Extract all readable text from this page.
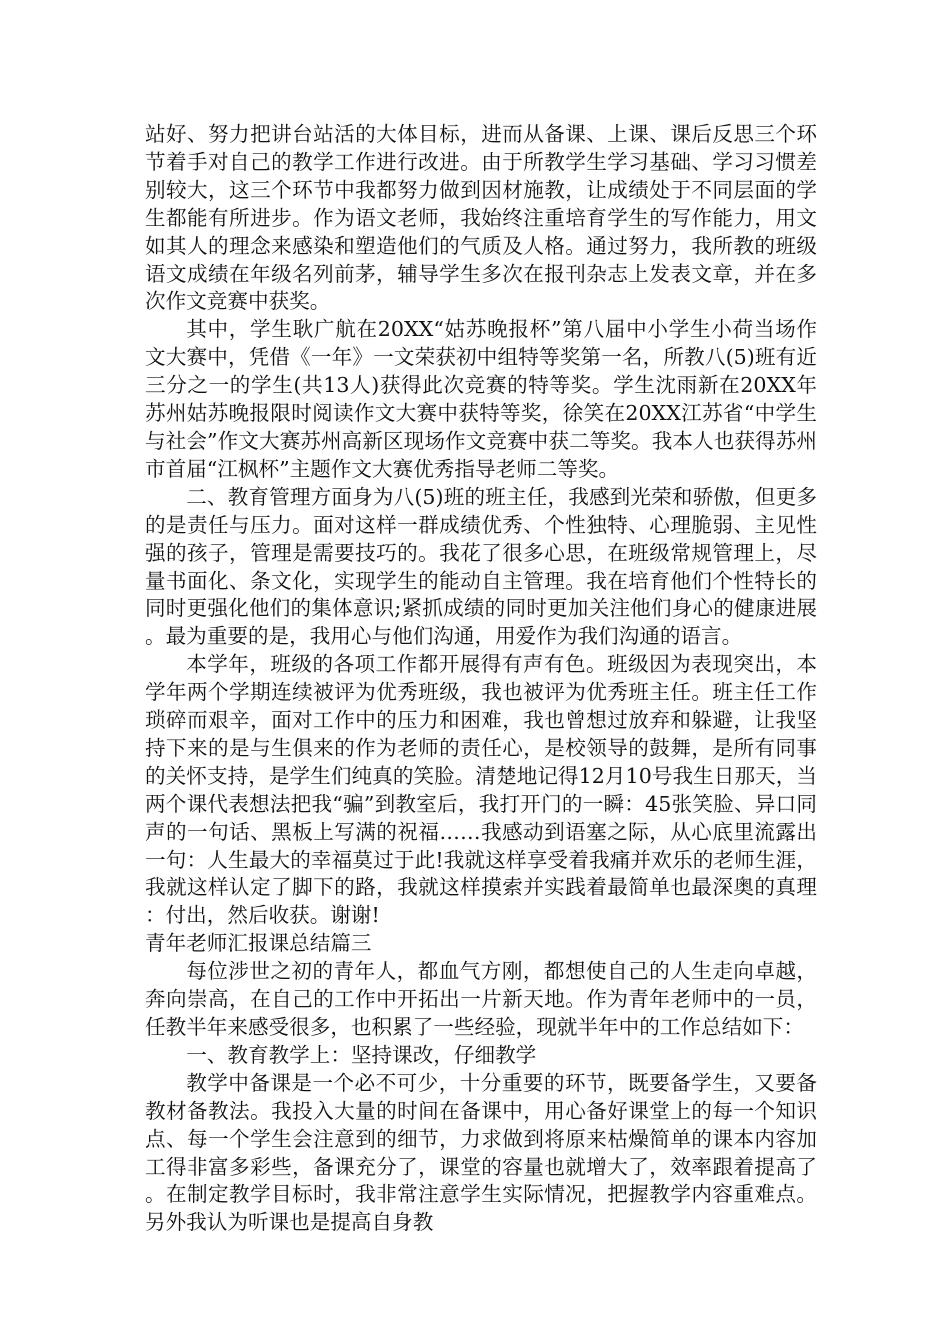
站好、努力把讲台站活的大体目标，进而从备课、上课、课后反思三个环节着手对自己的教学工作进行改进。由于所教学生学习基础、学习习惯差别较大，这三个环节中我都努力做到因材施教，让成绩处于不同层面的学生都能有所进步。作为语文老师，我始终注重培育学生的写作能力，用文如其人的理念来感染和塑造他们的气质及人格。通过努力，我所教的班级语文成绩在年级名列前茅，辅导学生多次在报刊杂志上发表文章，并在多次作文竞赛中获奖。

其中，学生耿广航在20XX“姑苏晚报杯”第八届中小学生小荷当场作文大赛中，凭借《一年》一文荣获初中组特等奖第一名，所教八(5)班有近三分之一的学生(共13人)获得此次竞赛的特等奖。学生沈雨新在20XX年苏州姑苏晚报限时阅读作文大赛中获特等奖，徐笑在20XX江苏省“中学生与社会”作文大赛苏州高新区现场作文竞赛中获二等奖。我本人也获得苏州市首届“江枫杯”主题作文大赛优秀指导老师二等奖。

二、教育管理方面身为八(5)班的班主任，我感到光荣和骄傲，但更多的是责任与压力。面对这样一群成绩优秀、个性独特、心理脆弱、主见性强的孩子，管理是需要技巧的。我花了很多心思，在班级常规管理上，尽量书面化、条文化，实现学生的能动自主管理。我在培育他们个性特长的同时更强化他们的集体意识;紧抓成绩的同时更加关注他们身心的健康进展。最为重要的是，我用心与他们沟通，用爱作为我们沟通的语言。

本学年，班级的各项工作都开展得有声有色。班级因为表现突出，本学年两个学期连续被评为优秀班级，我也被评为优秀班主任。班主任工作琐碎而艰辛，面对工作中的压力和困难，我也曾想过放弃和躲避，让我坚持下来的是与生俱来的作为老师的责任心，是校领导的鼓舞，是所有同事的关怀支持，是学生们纯真的笑脸。清楚地记得12月10号我生日那天，当两个课代表想法把我“骗”到教室后，我打开门的一瞬：45张笑脸、异口同声的一句话、黑板上写满的祝福……我感动到语塞之际，从心底里流露出一句：人生最大的幸福莫过于此!我就这样享受着我痛并欢乐的老师生涯，我就这样认定了脚下的路，我就这样摸索并实践着最简单也最深奥的真理：付出，然后收获。谢谢!

青年老师汇报课总结篇三

每位涉世之初的青年人，都血气方刚，都想使自己的人生走向卓越，奔向崇高，在自己的工作中开拓出一片新天地。作为青年老师中的一员，任教半年来感受很多，也积累了一些经验，现就半年中的工作总结如下：

一、教育教学上：坚持课改，仔细教学

教学中备课是一个必不可少，十分重要的环节，既要备学生，又要备教材备教法。我投入大量的时间在备课中，用心备好课堂上的每一个知识点、每一个学生会注意到的细节，力求做到将原来枯燥简单的课本内容加工得非富多彩些，备课充分了，课堂的容量也就增大了，效率跟着提高了。在制定教学目标时，我非常注意学生实际情况，把握教学内容重难点。另外我认为听课也是提高自身教
